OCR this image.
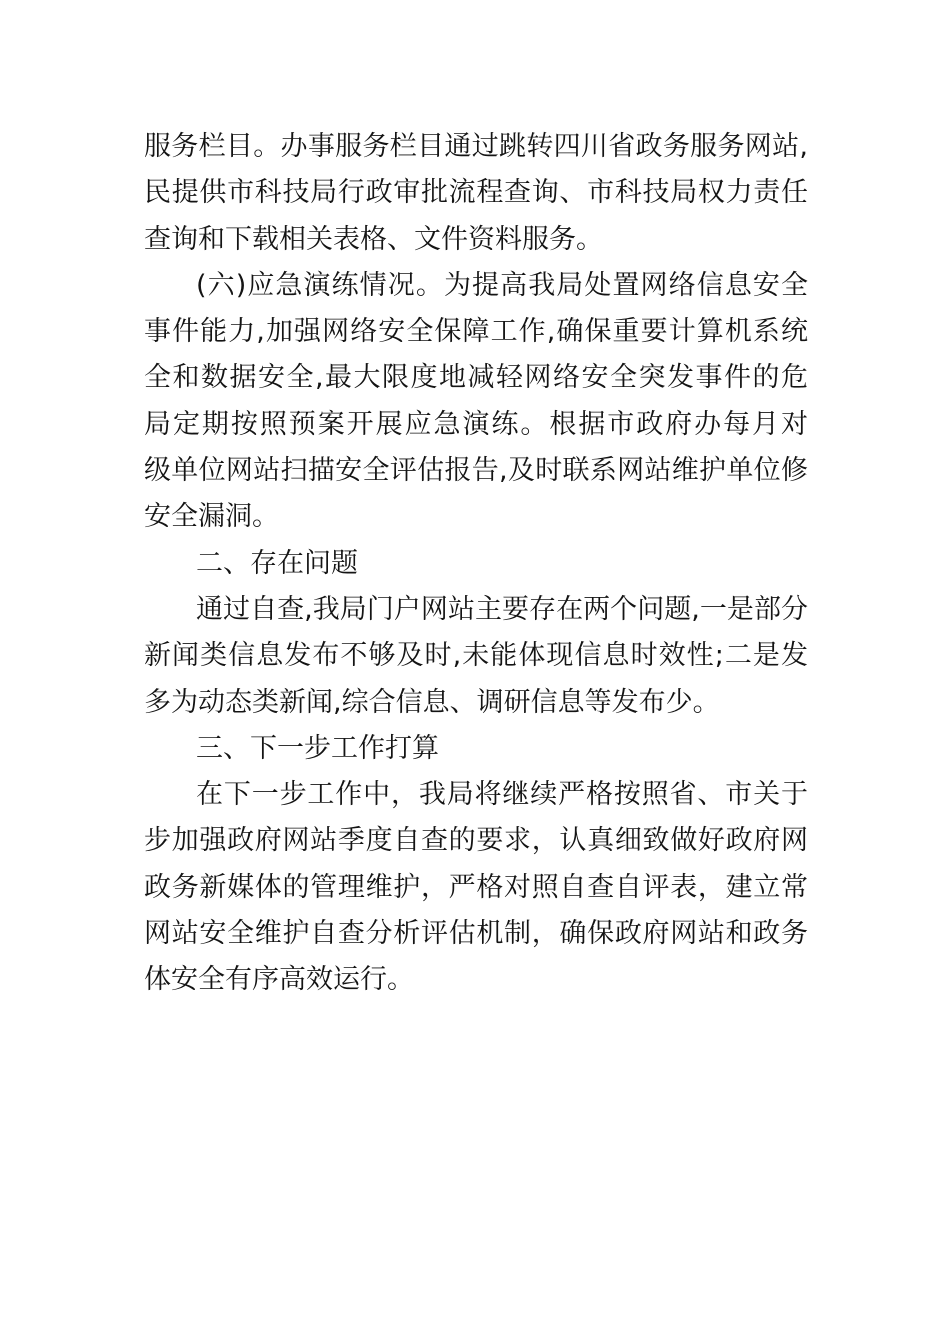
服务栏目。办事服务栏目通过跳转四川省政务服务网站,
民提供市科技局行政审批流程查询、市科技局权力责任
查询和下载相关表格、文件资料服务。
(六)应急演练情况。为提高我局处置网络信息安全
事件能力,加强网络安全保障工作,确保重要计算机系统
全和数据安全,最大限度地减轻网络安全突发事件的危
局定期按照预案开展应急演练。根据市政府办每月对
级单位网站扫描安全评估报告,及时联系网站维护单位修
安全漏洞。
二、存在问题
通过自查,我局门户网站主要存在两个问题,一是部分
新闻类信息发布不够及时,未能体现信息时效性;二是发
多为动态类新闻,综合信息、调研信息等发布少。
三、下一步工作打算
在下一步工作中，我局将继续严格按照省、市关于
步加强政府网站季度自查的要求，认真细致做好政府网
政务新媒体的管理维护，严格对照自查自评表，建立常
网站安全维护自查分析评估机制，确保政府网站和政务
体安全有序高效运行。
